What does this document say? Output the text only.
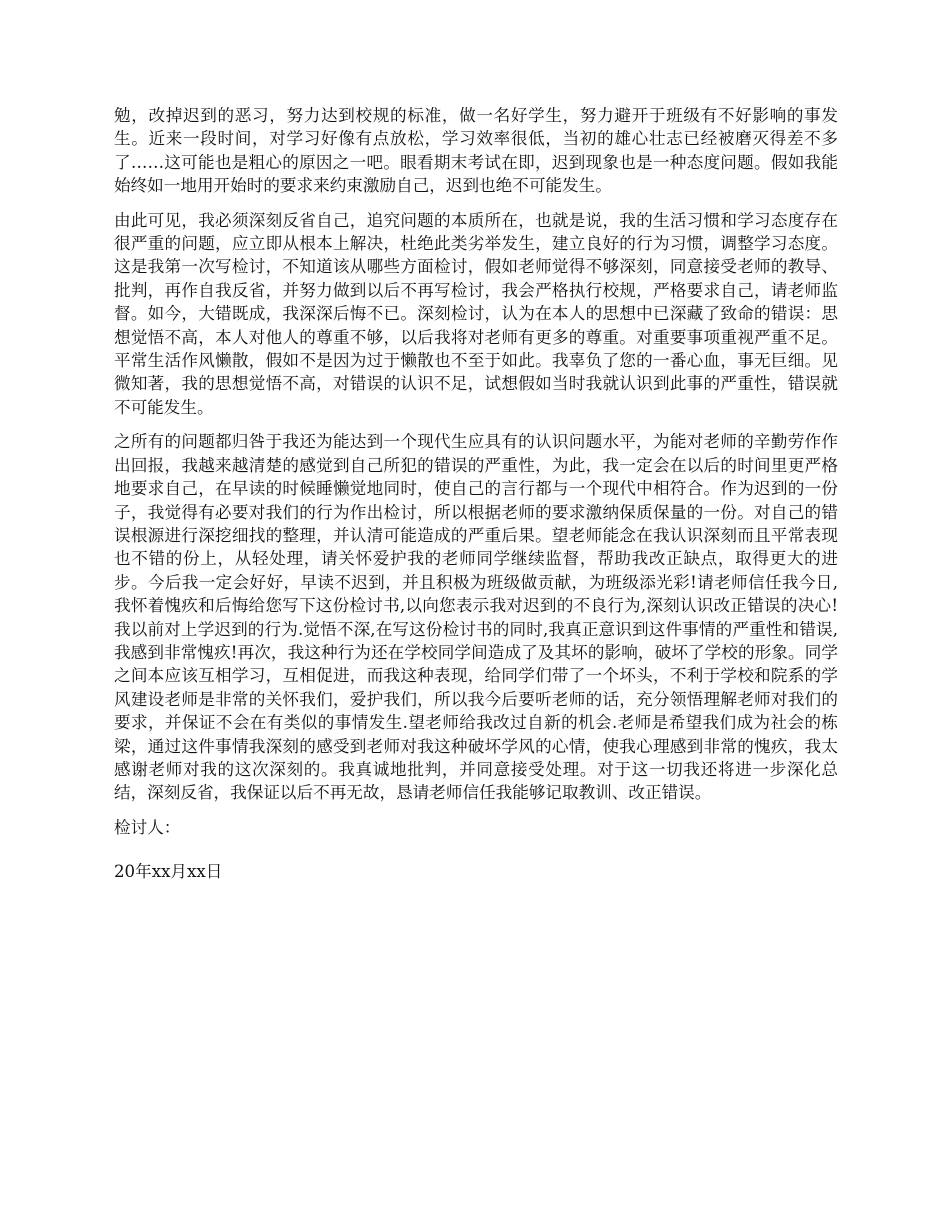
勉，改掉迟到的恶习，努力达到校规的标准，做一名好学生，努力避开于班级有不好影响的事发生。近来一段时间，对学习好像有点放松，学习效率很低，当初的雄心壮志已经被磨灭得差不多了……这可能也是粗心的原因之一吧。眼看期末考试在即，迟到现象也是一种态度问题。假如我能始终如一地用开始时的要求来约束激励自己，迟到也绝不可能发生。

由此可见，我必须深刻反省自己，追究问题的本质所在，也就是说，我的生活习惯和学习态度存在很严重的问题，应立即从根本上解决，杜绝此类劣举发生，建立良好的行为习惯，调整学习态度。这是我第一次写检讨，不知道该从哪些方面检讨，假如老师觉得不够深刻，同意接受老师的教导、批判，再作自我反省，并努力做到以后不再写检讨，我会严格执行校规，严格要求自己，请老师监督。如今，大错既成，我深深后悔不已。深刻检讨，认为在本人的思想中已深藏了致命的错误：思想觉悟不高，本人对他人的尊重不够，以后我将对老师有更多的尊重。对重要事项重视严重不足。平常生活作风懒散，假如不是因为过于懒散也不至于如此。我辜负了您的一番心血，事无巨细。见微知著，我的思想觉悟不高，对错误的认识不足，试想假如当时我就认识到此事的严重性，错误就不可能发生。

之所有的问题都归咎于我还为能达到一个现代生应具有的认识问题水平，为能对老师的辛勤劳作作出回报，我越来越清楚的感觉到自己所犯的错误的严重性，为此，我一定会在以后的时间里更严格地要求自己，在早读的时候睡懒觉地同时，使自己的言行都与一个现代中相符合。作为迟到的一份子，我觉得有必要对我们的行为作出检讨，所以根据老师的要求激纳保质保量的一份。对自己的错误根源进行深挖细找的整理，并认清可能造成的严重后果。望老师能念在我认识深刻而且平常表现也不错的份上，从轻处理，请关怀爱护我的老师同学继续监督，帮助我改正缺点，取得更大的进步。今后我一定会好好，早读不迟到，并且积极为班级做贡献，为班级添光彩!请老师信任我今日,我怀着愧疚和后悔给您写下这份检讨书,以向您表示我对迟到的不良行为,深刻认识改正错误的决心!我以前对上学迟到的行为.觉悟不深,在写这份检讨书的同时,我真正意识到这件事情的严重性和错误,我感到非常愧疚!再次，我这种行为还在学校同学间造成了及其坏的影响，破坏了学校的形象。同学之间本应该互相学习，互相促进，而我这种表现，给同学们带了一个坏头，不利于学校和院系的学风建设老师是非常的关怀我们，爱护我们，所以我今后要听老师的话，充分领悟理解老师对我们的要求，并保证不会在有类似的事情发生.望老师给我改过自新的机会.老师是希望我们成为社会的栋梁，通过这件事情我深刻的感受到老师对我这种破坏学风的心情，使我心理感到非常的愧疚，我太感谢老师对我的这次深刻的。我真诚地批判，并同意接受处理。对于这一切我还将进一步深化总结，深刻反省，我保证以后不再无故，恳请老师信任我能够记取教训、改正错误。

检讨人：

20年xx月xx日
